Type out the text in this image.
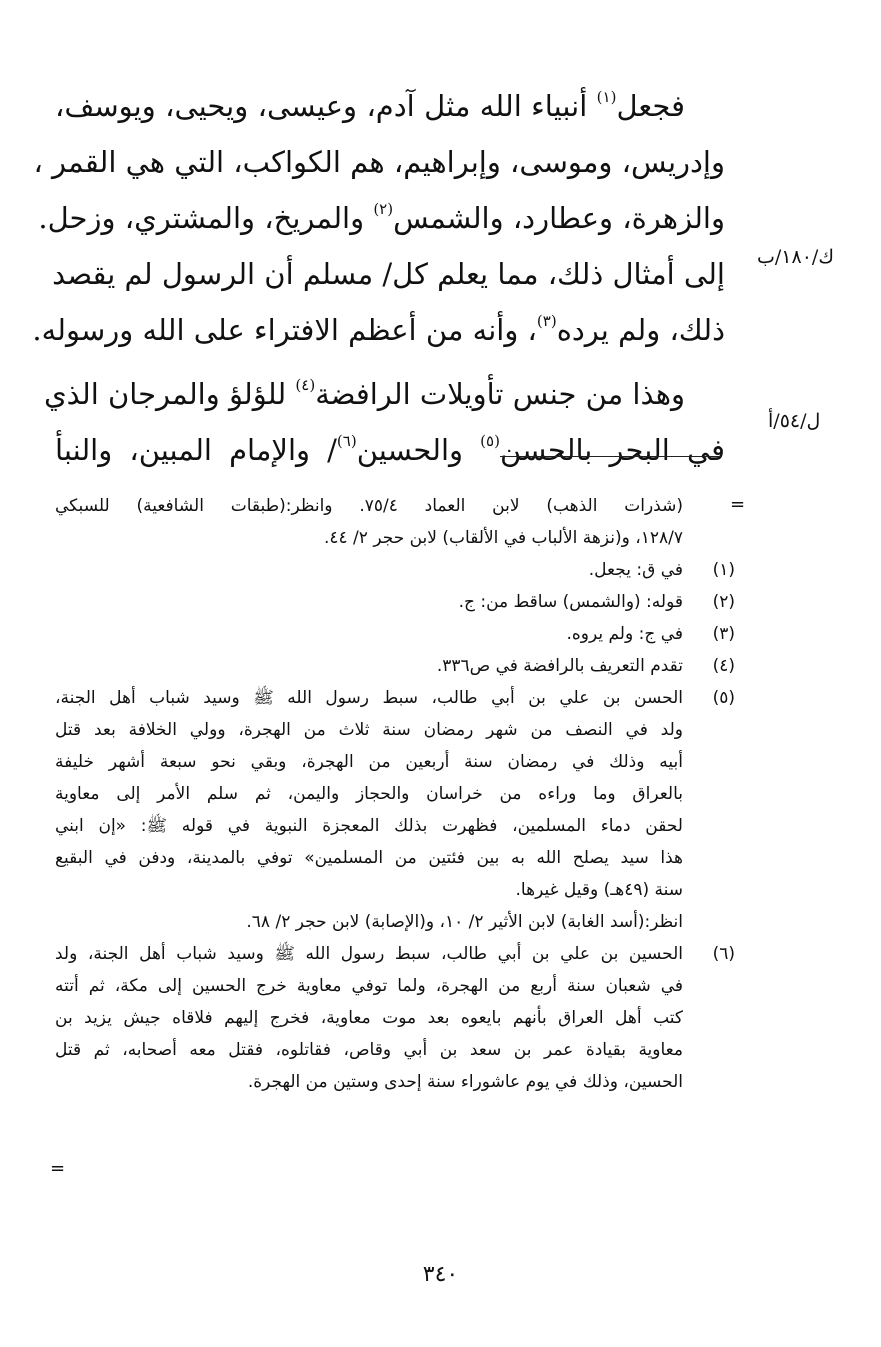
فجعل$^{(١)}$ أنبياء الله مثل آدم، وعيسى، ويحيى، ويوسف،
وإدريس، وموسى، وإبراهيم، هم الكواكب، التي هي القمر ،
والزهرة، وعطارد، والشمس$^{(٢)}$ والمريخ، والمشتري، وزحل.
إلى أمثال ذلك، مما يعلم كل/ مسلم أن الرسول لم يقصد
ذلك، ولم يرده$^{(٣)}$، وأنه من أعظم الافتراء على الله ورسوله.
وهذا من جنس تأويلات الرافضة$^{(٤)}$ للؤلؤ والمرجان الذي
في البحر بالحسن$^{(٥)}$ والحسين$^{(٦)}$/ والإمام المبين، والنبأ
ك/١٨٠/ب
ل/٥٤/أ
=
=
(شذرات الذهب) لابن العماد ٧٥/٤. وانظر:(طبقات الشافعية) للسبكي
١٢٨/٧، و(نزهة الألباب في الألقاب) لابن حجر ٢/ ٤٤.
(١)
في ق: يجعل.
(٢)
قوله: (والشمس) ساقط من: ج.
(٣)
في ج: ولم يروه.
(٤)
تقدم التعريف بالرافضة في ص٣٣٦.
(٥)
الحسن بن علي بن أبي طالب، سبط رسول الله ﷺ وسيد شباب أهل الجنة،
ولد في النصف من شهر رمضان سنة ثلاث من الهجرة، وولي الخلافة بعد قتل
أبيه وذلك في رمضان سنة أربعين من الهجرة، وبقي نحو سبعة أشهر خليفة
بالعراق وما وراءه من خراسان والحجاز واليمن، ثم سلم الأمر إلى معاوية
لحقن دماء المسلمين، فظهرت بذلك المعجزة النبوية في قوله ﷺ: «إن ابني
هذا سيد يصلح الله به بين فئتين من المسلمين» توفي بالمدينة، ودفن في البقيع
سنة (٤٩هـ) وقيل غيرها.
انظر:(أسد الغابة) لابن الأثير ٢/ ١٠، و(الإصابة) لابن حجر ٢/ ٦٨.
(٦)
الحسين بن علي بن أبي طالب، سبط رسول الله ﷺ وسيد شباب أهل الجنة، ولد
في شعبان سنة أربع من الهجرة، ولما توفي معاوية خرج الحسين إلى مكة، ثم أتته
كتب أهل العراق بأنهم بايعوه بعد موت معاوية، فخرج إليهم فلاقاه جيش يزيد بن
معاوية بقيادة عمر بن سعد بن أبي وقاص، فقاتلوه، فقتل معه أصحابه، ثم قتل
الحسين، وذلك في يوم عاشوراء سنة إحدى وستين من الهجرة.
٣٤٠
